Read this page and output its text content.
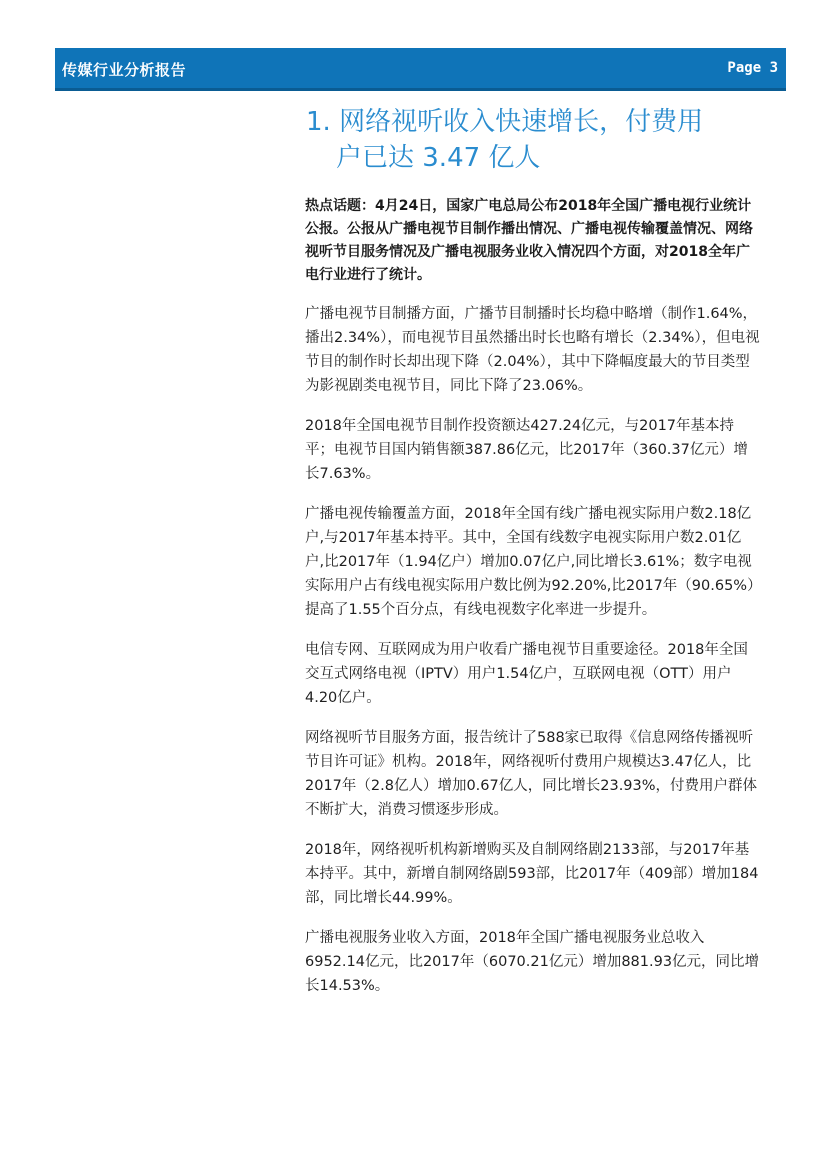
传媒行业分析报告	Page 3
1. 网络视听收入快速增长，付费用
户已达 3.47 亿人

热点话题：4月24日，国家广电总局公布2018年全国广播电视行业统计公报。公报从广播电视节目制作播出情况、广播电视传输覆盖情况、网络视听节目服务情况及广播电视服务业收入情况四个方面，对2018全年广电行业进行了统计。

广播电视节目制播方面，广播节目制播时长均稳中略增（制作1.64%，播出2.34%），而电视节目虽然播出时长也略有增长（2.34%），但电视节目的制作时长却出现下降（2.04%），其中下降幅度最大的节目类型为影视剧类电视节目，同比下降了23.06%。

2018年全国电视节目制作投资额达427.24亿元，与2017年基本持平；电视节目国内销售额387.86亿元，比2017年（360.37亿元）增长7.63%。

广播电视传输覆盖方面，2018年全国有线广播电视实际用户数2.18亿户,与2017年基本持平。其中，全国有线数字电视实际用户数2.01亿户,比2017年（1.94亿户）增加0.07亿户,同比增长3.61%；数字电视实际用户占有线电视实际用户数比例为92.20%,比2017年（90.65%）提高了1.55个百分点，有线电视数字化率进一步提升。

电信专网、互联网成为用户收看广播电视节目重要途径。2018年全国交互式网络电视（IPTV）用户1.54亿户，互联网电视（OTT）用户4.20亿户。

网络视听节目服务方面，报告统计了588家已取得《信息网络传播视听节目许可证》机构。2018年，网络视听付费用户规模达3.47亿人，比2017年（2.8亿人）增加0.67亿人，同比增长23.93%，付费用户群体不断扩大，消费习惯逐步形成。

2018年，网络视听机构新增购买及自制网络剧2133部，与2017年基本持平。其中，新增自制网络剧593部，比2017年（409部）增加184部，同比增长44.99%。

广播电视服务业收入方面，2018年全国广播电视服务业总收入6952.14亿元，比2017年（6070.21亿元）增加881.93亿元，同比增长14.53%。
